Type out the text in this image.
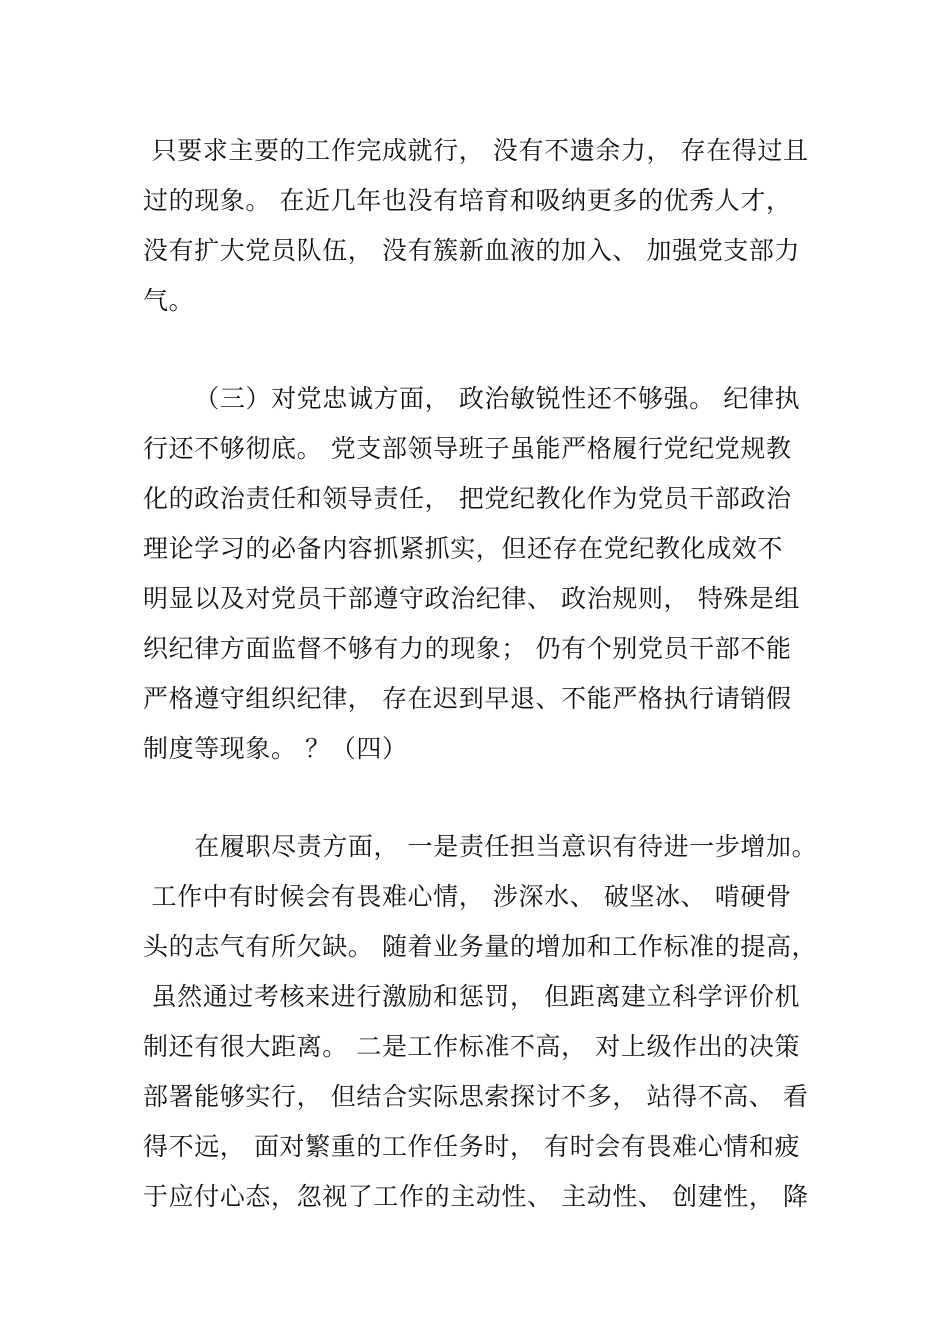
只要求主要的工作完成就行， 没有不遗余力， 存在得过且
过的现象。 在近几年也没有培育和吸纳更多的优秀人才，
没有扩大党员队伍， 没有簇新血液的加入、 加强党支部力
气。
（三）对党忠诚方面， 政治敏锐性还不够强。 纪律执
行还不够彻底。 党支部领导班子虽能严格履行党纪党规教
化的政治责任和领导责任， 把党纪教化作为党员干部政治
理论学习的必备内容抓紧抓实，但还存在党纪教化成效不
明显以及对党员干部遵守政治纪律、 政治规则， 特殊是组
织纪律方面监督不够有力的现象； 仍有个别党员干部不能
严格遵守组织纪律， 存在迟到早退、不能严格执行请销假
制度等现象。 ？（四）
在履职尽责方面， 一是责任担当意识有待进一步增加。
工作中有时候会有畏难心情， 涉深水、 破坚冰、 啃硬骨
头的志气有所欠缺。 随着业务量的增加和工作标准的提高，
虽然通过考核来进行激励和惩罚， 但距离建立科学评价机
制还有很大距离。 二是工作标准不高， 对上级作出的决策
部署能够实行， 但结合实际思索探讨不多， 站得不高、 看
得不远， 面对繁重的工作任务时， 有时会有畏难心情和疲
于应付心态，忽视了工作的主动性、 主动性、 创建性， 降
